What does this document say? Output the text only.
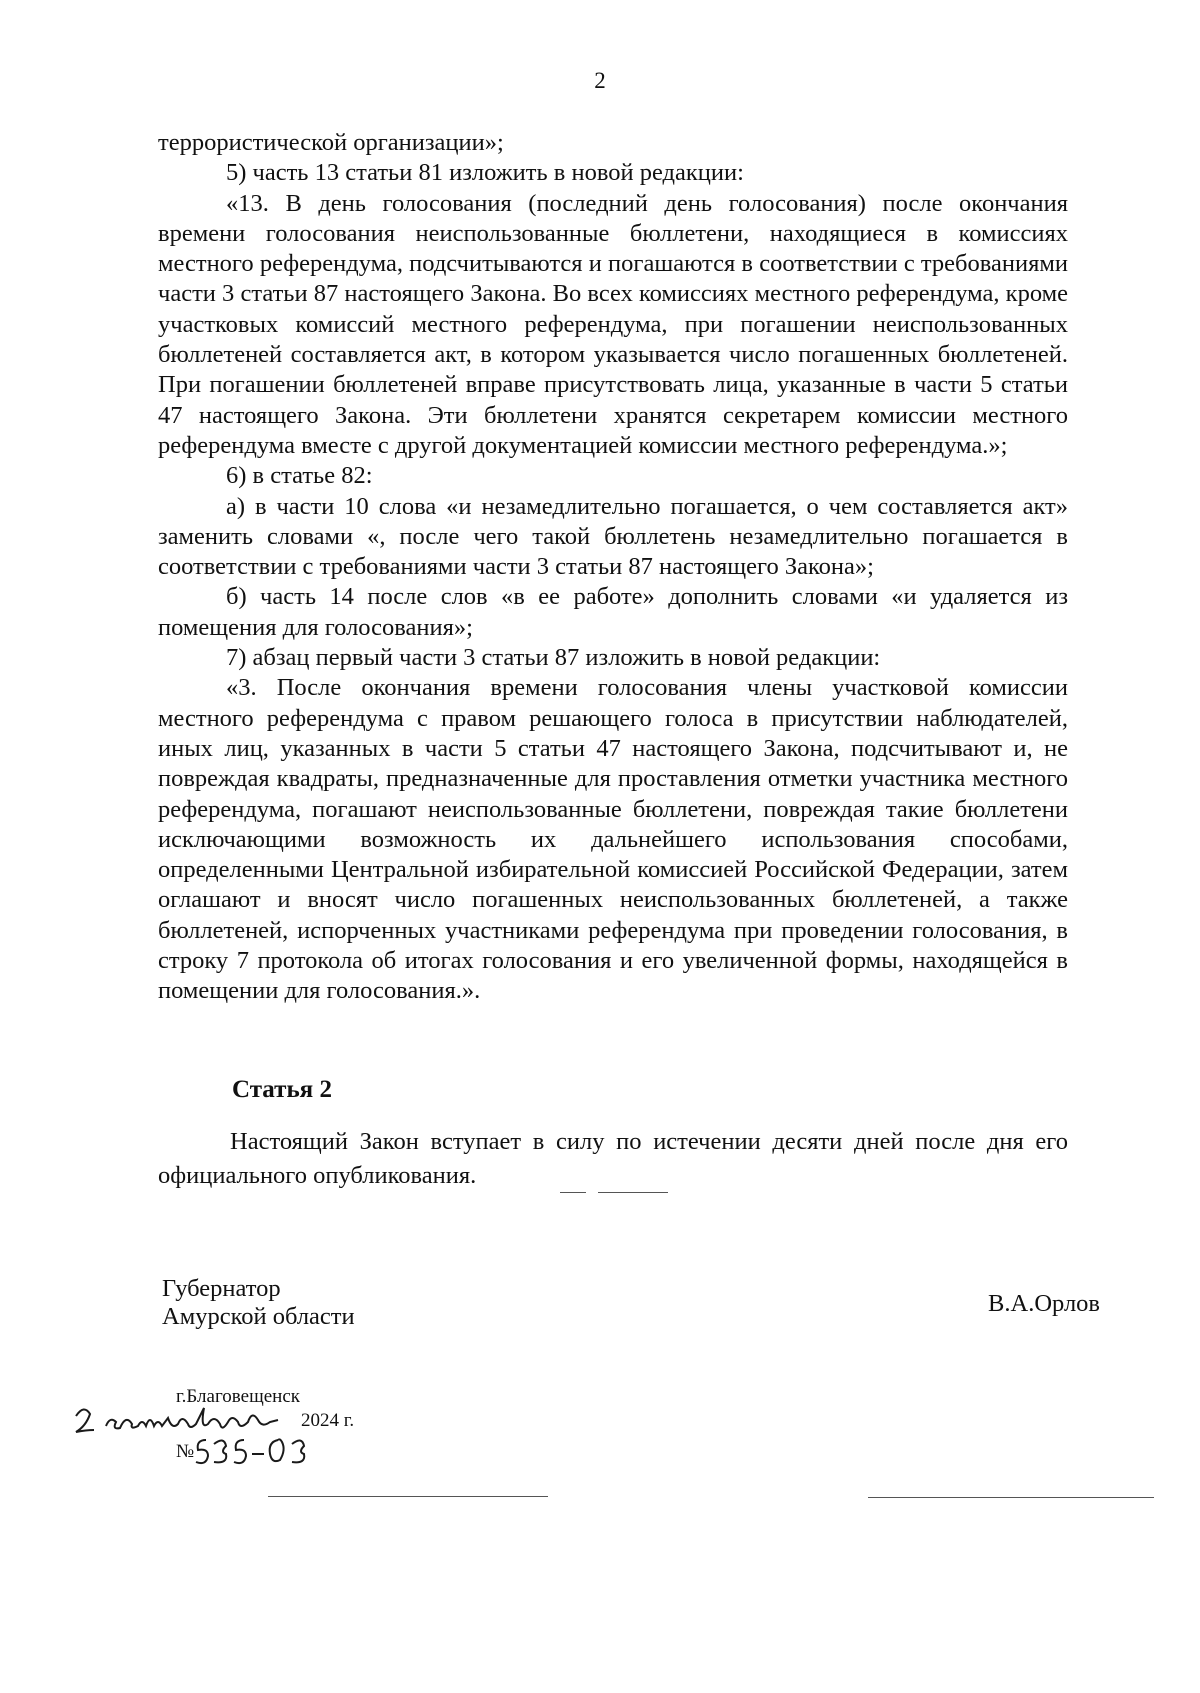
2

террористической организации»;

5) часть 13 статьи 81 изложить в новой редакции:

«13. В день голосования (последний день голосования) после окончания времени голосования неиспользованные бюллетени, находящиеся в комиссиях местного референдума, подсчитываются и погашаются в соответствии с требованиями части 3 статьи 87 настоящего Закона. Во всех комиссиях местного референдума, кроме участковых комиссий местного референдума, при погашении неиспользованных бюллетеней составляется акт, в котором указывается число погашенных бюллетеней. При погашении бюллетеней вправе присутствовать лица, указанные в части 5 статьи 47 настоящего Закона. Эти бюллетени хранятся секретарем комиссии местного референдума вместе с другой документацией комиссии местного референдума.»;

6) в статье 82:

а) в части 10 слова «и незамедлительно погашается, о чем составляется акт» заменить словами «, после чего такой бюллетень незамедлительно погашается в соответствии с требованиями части 3 статьи 87 настоящего Закона»;

б) часть 14 после слов «в ее работе» дополнить словами «и удаляется из помещения для голосования»;

7) абзац первый части 3 статьи 87 изложить в новой редакции:

«3. После окончания времени голосования члены участковой комиссии местного референдума с правом решающего голоса в присутствии наблюдателей, иных лиц, указанных в части 5 статьи 47 настоящего Закона, подсчитывают и, не повреждая квадраты, предназначенные для проставления отметки участника местного референдума, погашают неиспользованные бюллетени, повреждая такие бюллетени исключающими возможность их дальнейшего использования способами, определенными Центральной избирательной комиссией Российской Федерации, затем оглашают и вносят число погашенных неиспользованных бюллетеней, а также бюллетеней, испорченных участниками референдума при проведении голосования, в строку 7 протокола об итогах голосования и его увеличенной формы, находящейся в помещении для голосования.».

Статья 2

Настоящий Закон вступает в силу по истечении десяти дней после дня его официального опубликования.

Губернатор
Амурской области	В.А.Орлов
г.Благовещенск
2024 г.
№
